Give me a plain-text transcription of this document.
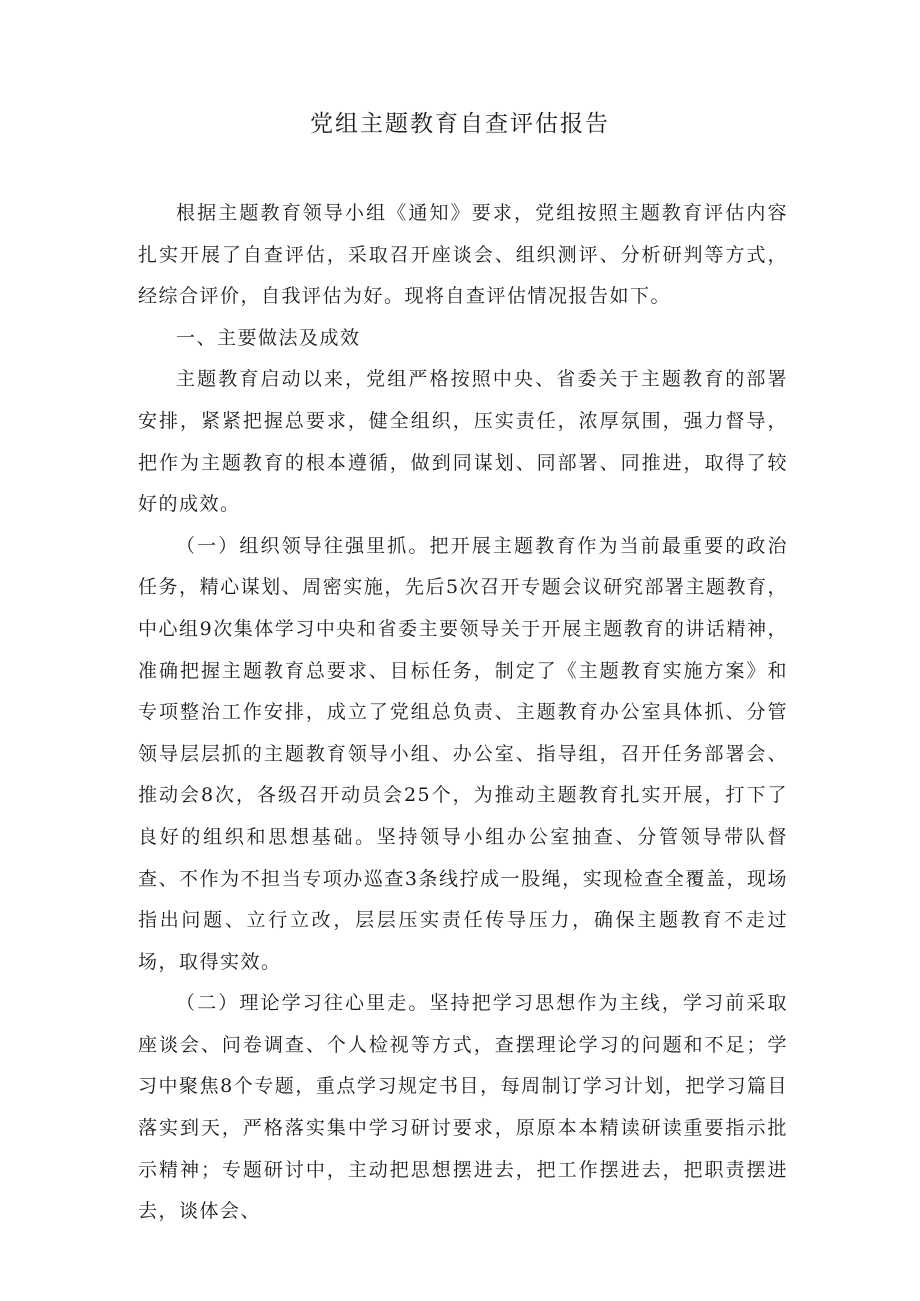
党组主题教育自查评估报告

根据主题教育领导小组《通知》要求，党组按照主题教育评估内容扎实开展了自查评估，采取召开座谈会、组织测评、分析研判等方式，经综合评价，自我评估为好。现将自查评估情况报告如下。

一、主要做法及成效

主题教育启动以来，党组严格按照中央、省委关于主题教育的部署安排，紧紧把握总要求，健全组织，压实责任，浓厚氛围，强力督导，把作为主题教育的根本遵循，做到同谋划、同部署、同推进，取得了较好的成效。

（一）组织领导往强里抓。把开展主题教育作为当前最重要的政治任务，精心谋划、周密实施，先后5次召开专题会议研究部署主题教育，中心组9次集体学习中央和省委主要领导关于开展主题教育的讲话精神，准确把握主题教育总要求、目标任务，制定了《主题教育实施方案》和专项整治工作安排，成立了党组总负责、主题教育办公室具体抓、分管领导层层抓的主题教育领导小组、办公室、指导组，召开任务部署会、推动会8次，各级召开动员会25个，为推动主题教育扎实开展，打下了良好的组织和思想基础。坚持领导小组办公室抽查、分管领导带队督查、不作为不担当专项办巡查3条线拧成一股绳，实现检查全覆盖，现场指出问题、立行立改，层层压实责任传导压力，确保主题教育不走过场，取得实效。

（二）理论学习往心里走。坚持把学习思想作为主线，学习前采取座谈会、问卷调查、个人检视等方式，查摆理论学习的问题和不足；学习中聚焦8个专题，重点学习规定书目，每周制订学习计划，把学习篇目落实到天，严格落实集中学习研讨要求，原原本本精读研读重要指示批示精神；专题研讨中，主动把思想摆进去，把工作摆进去，把职责摆进去，谈体会、
